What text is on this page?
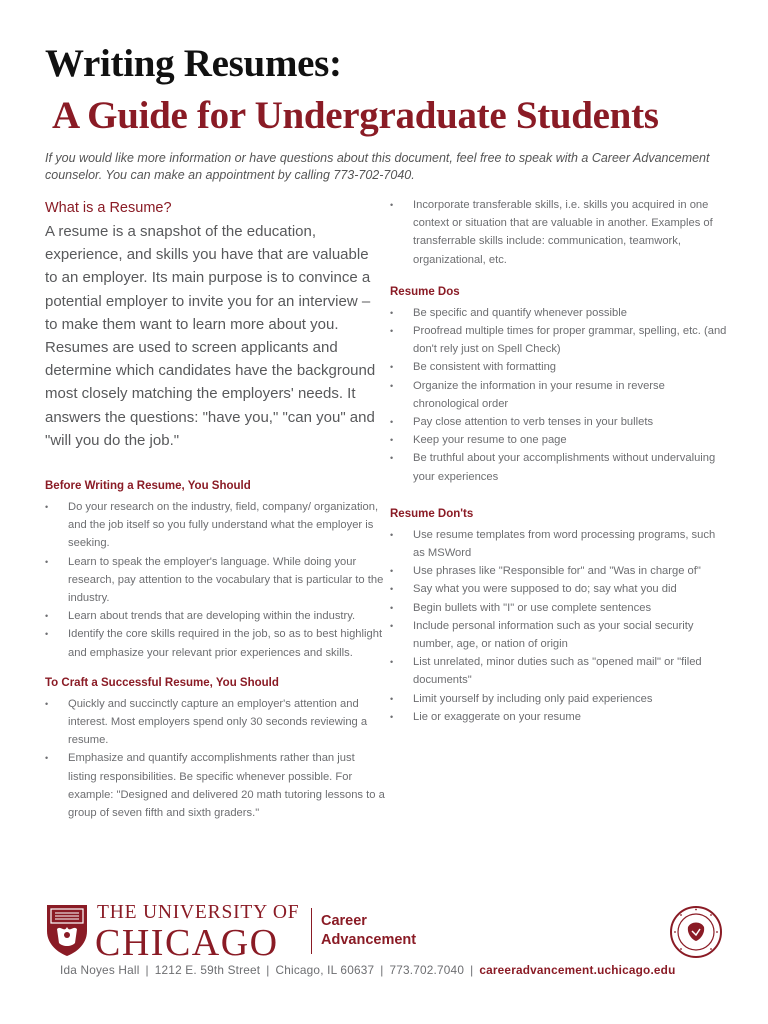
Writing Resumes:
A Guide for Undergraduate Students

If you would like more information or have questions about this document, feel free to speak with a Career Advancement counselor. You can make an appointment by calling 773-702-7040.

What is a Resume?

A resume is a snapshot of the education, experience, and skills you have that are valuable to an employer. Its main purpose is to convince a potential employer to invite you for an interview – to make them want to learn more about you. Resumes are used to screen applicants and determine which candidates have the background most closely matching the employers' needs. It answers the questions: "have you," "can you" and "will you do the job."

Before Writing a Resume, You Should
• Do your research on the industry, field, company/ organization, and the job itself so you fully understand what the employer is seeking.
• Learn to speak the employer's language. While doing your research, pay attention to the vocabulary that is particular to the industry.
• Learn about trends that are developing within the industry.
• Identify the core skills required in the job, so as to best highlight and emphasize your relevant prior experiences and skills.
To Craft a Successful Resume, You Should
• Quickly and succinctly capture an employer's attention and interest. Most employers spend only 30 seconds reviewing a resume.
• Emphasize and quantify accomplishments rather than just listing responsibilities. Be specific whenever possible. For example: "Designed and delivered 20 math tutoring lessons to a group of seven fifth and sixth graders."
• Incorporate transferable skills, i.e. skills you acquired in one context or situation that are valuable in another. Examples of transferrable skills include: communication, teamwork, organizational, etc.
Resume Dos
• Be specific and quantify whenever possible
• Proofread multiple times for proper grammar, spelling, etc. (and don't rely just on Spell Check)
• Be consistent with formatting
• Organize the information in your resume in reverse chronological order
• Pay close attention to verb tenses in your bullets
• Keep your resume to one page
• Be truthful about your accomplishments without undervaluing your experiences
Resume Don'ts
• Use resume templates from word processing programs, such as MSWord
• Use phrases like "Responsible for" and "Was in charge of"
• Say what you were supposed to do; say what you did
• Begin bullets with "I" or use complete sentences
• Include personal information such as your social security number, age, or nation of origin
• List unrelated, minor duties such as "opened mail" or "filed documents"
• Limit yourself by including only paid experiences
• Lie or exaggerate on your resume
THE UNIVERSITY OF
CHICAGO
Career
Advancement
Ida Noyes Hall | 1212 E. 59th Street | Chicago, IL 60637 | 773.702.7040 | careeradvancement.uchicago.edu
